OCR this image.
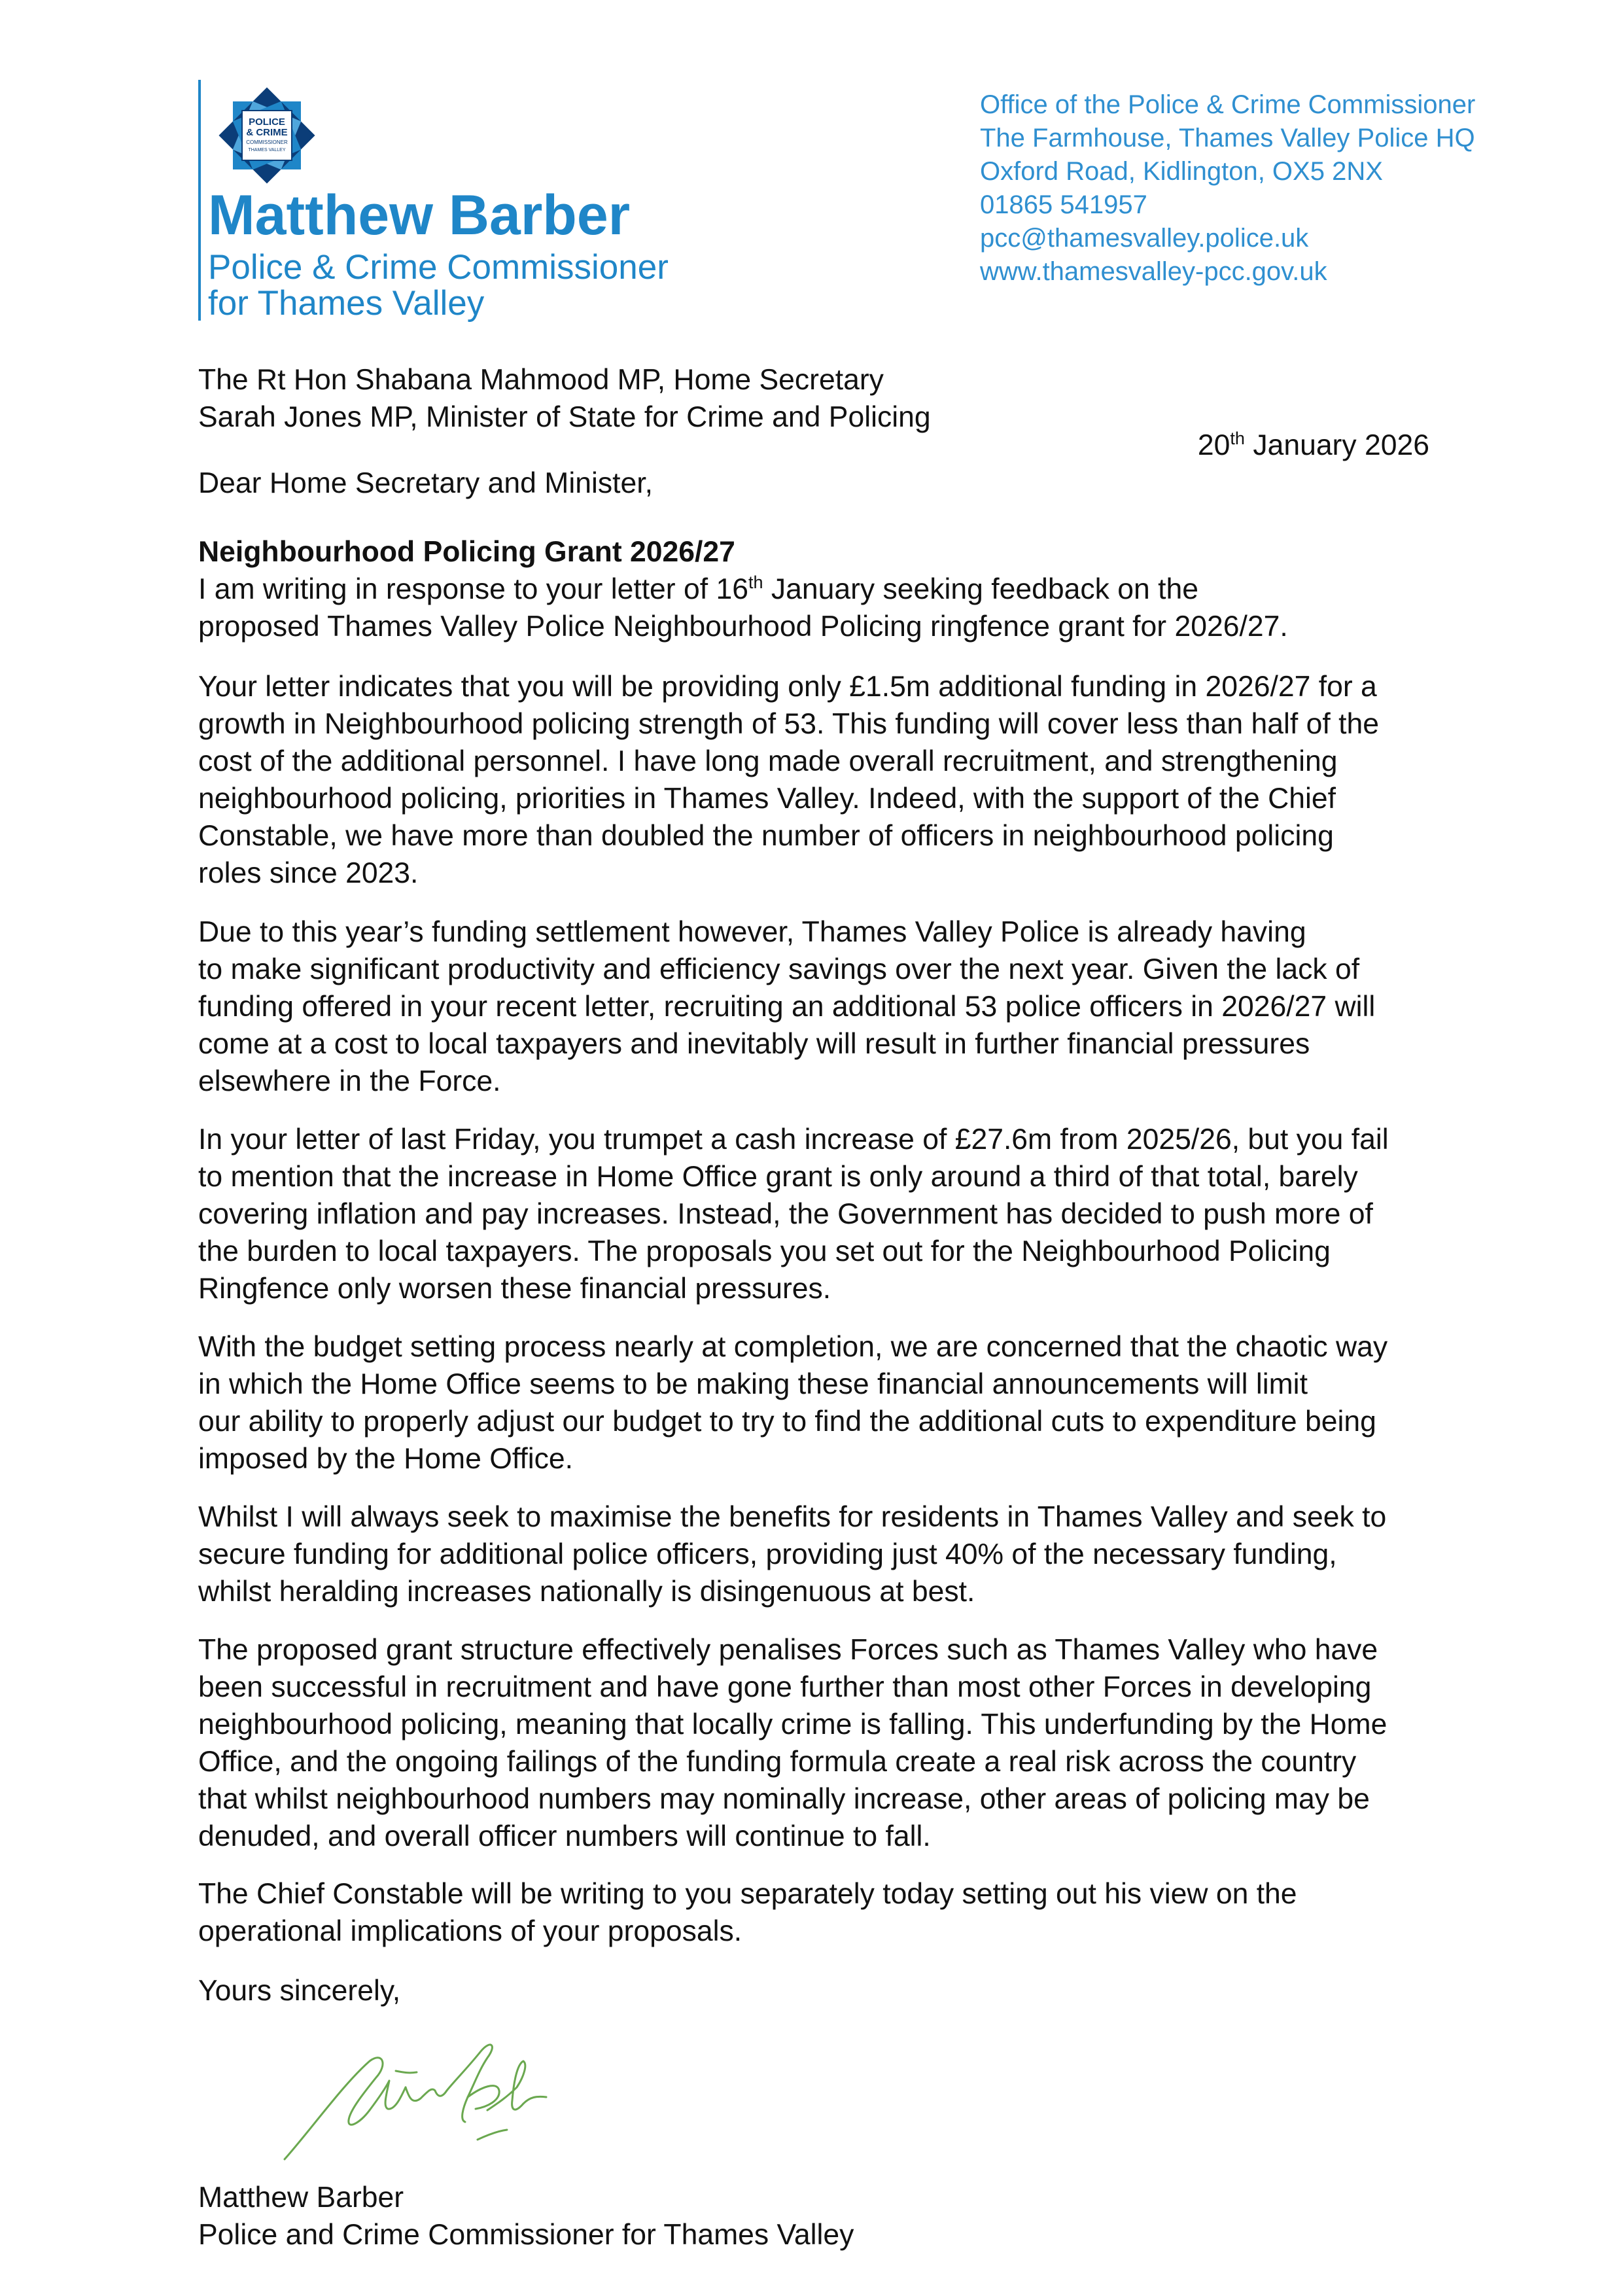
POLICE
& CRIME
COMMISSIONER
THAMES VALLEY
Matthew Barber
Police & Crime Commissioner
for Thames Valley
Office of the Police & Crime Commissioner
The Farmhouse, Thames Valley Police HQ
Oxford Road, Kidlington, OX5 2NX
01865 541957
pcc@thamesvalley.police.uk
www.thamesvalley-pcc.gov.uk
The Rt Hon Shabana Mahmood MP, Home Secretary
Sarah Jones MP, Minister of State for Crime and Policing
20th January 2026
Dear Home Secretary and Minister,
Neighbourhood Policing Grant 2026/27
I am writing in response to your letter of 16th January seeking feedback on the
proposed Thames Valley Police Neighbourhood Policing ringfence grant for 2026/27.
Your letter indicates that you will be providing only £1.5m additional funding in 2026/27 for a
growth in Neighbourhood policing strength of 53. This funding will cover less than half of the
cost of the additional personnel. I have long made overall recruitment, and strengthening
neighbourhood policing, priorities in Thames Valley. Indeed, with the support of the Chief
Constable, we have more than doubled the number of officers in neighbourhood policing
roles since 2023.
Due to this year’s funding settlement however, Thames Valley Police is already having
to make significant productivity and efficiency savings over the next year. Given the lack of
funding offered in your recent letter, recruiting an additional 53 police officers in 2026/27 will
come at a cost to local taxpayers and inevitably will result in further financial pressures
elsewhere in the Force.
In your letter of last Friday, you trumpet a cash increase of £27.6m from 2025/26, but you fail
to mention that the increase in Home Office grant is only around a third of that total, barely
covering inflation and pay increases. Instead, the Government has decided to push more of
the burden to local taxpayers. The proposals you set out for the Neighbourhood Policing
Ringfence only worsen these financial pressures.
With the budget setting process nearly at completion, we are concerned that the chaotic way
in which the Home Office seems to be making these financial announcements will limit
our ability to properly adjust our budget to try to find the additional cuts to expenditure being
imposed by the Home Office.
Whilst I will always seek to maximise the benefits for residents in Thames Valley and seek to
secure funding for additional police officers, providing just 40% of the necessary funding,
whilst heralding increases nationally is disingenuous at best.
The proposed grant structure effectively penalises Forces such as Thames Valley who have
been successful in recruitment and have gone further than most other Forces in developing
neighbourhood policing, meaning that locally crime is falling. This underfunding by the Home
Office, and the ongoing failings of the funding formula create a real risk across the country
that whilst neighbourhood numbers may nominally increase, other areas of policing may be
denuded, and overall officer numbers will continue to fall.
The Chief Constable will be writing to you separately today setting out his view on the
operational implications of your proposals.
Yours sincerely,
Matthew Barber
Police and Crime Commissioner for Thames Valley
